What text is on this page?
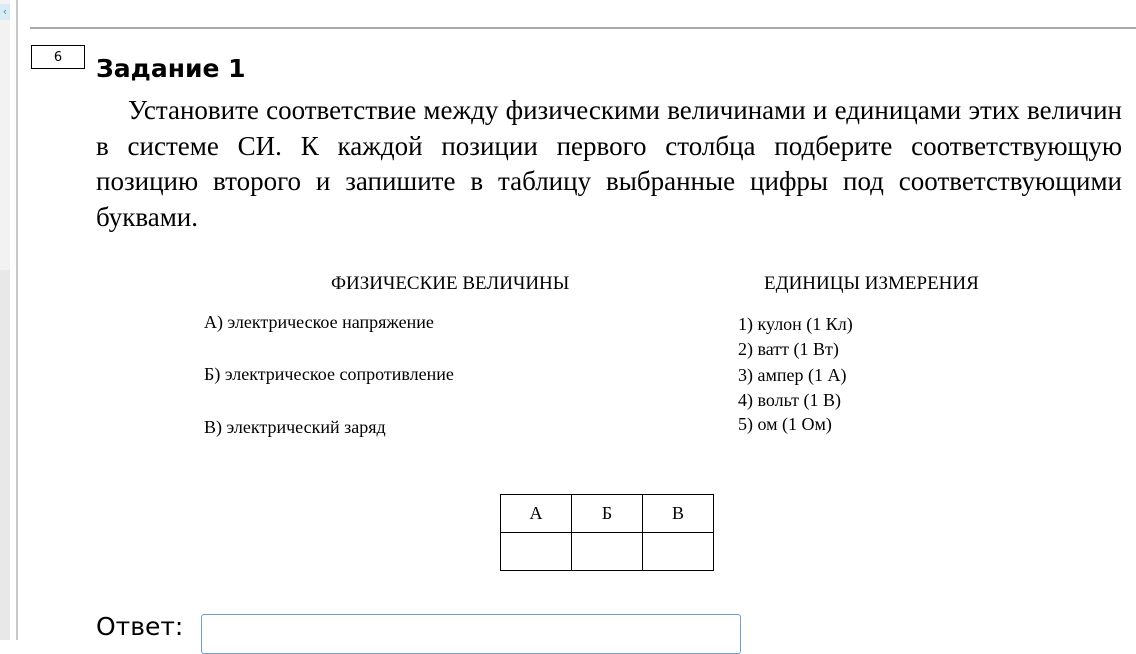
‹
6	Задание 1

Установите соответствие между физическими величинами и единицами этих величин в системе СИ. К каждой позиции первого столбца подберите соответствующую позицию второго и запишите в таблицу выбранные цифры под соответствующими буквами.

ФИЗИЧЕСКИЕ ВЕЛИЧИНЫ	ЕДИНИЦЫ ИЗМЕРЕНИЯ
А) электрическое напряжение
Б) электрическое сопротивление
В) электрический заряд
1) кулон (1 Кл)
2) ватт (1 Вт)
3) ампер (1 А)
4) вольт (1 В)
5) ом (1 Ом)
А	Б	В

Ответ:
